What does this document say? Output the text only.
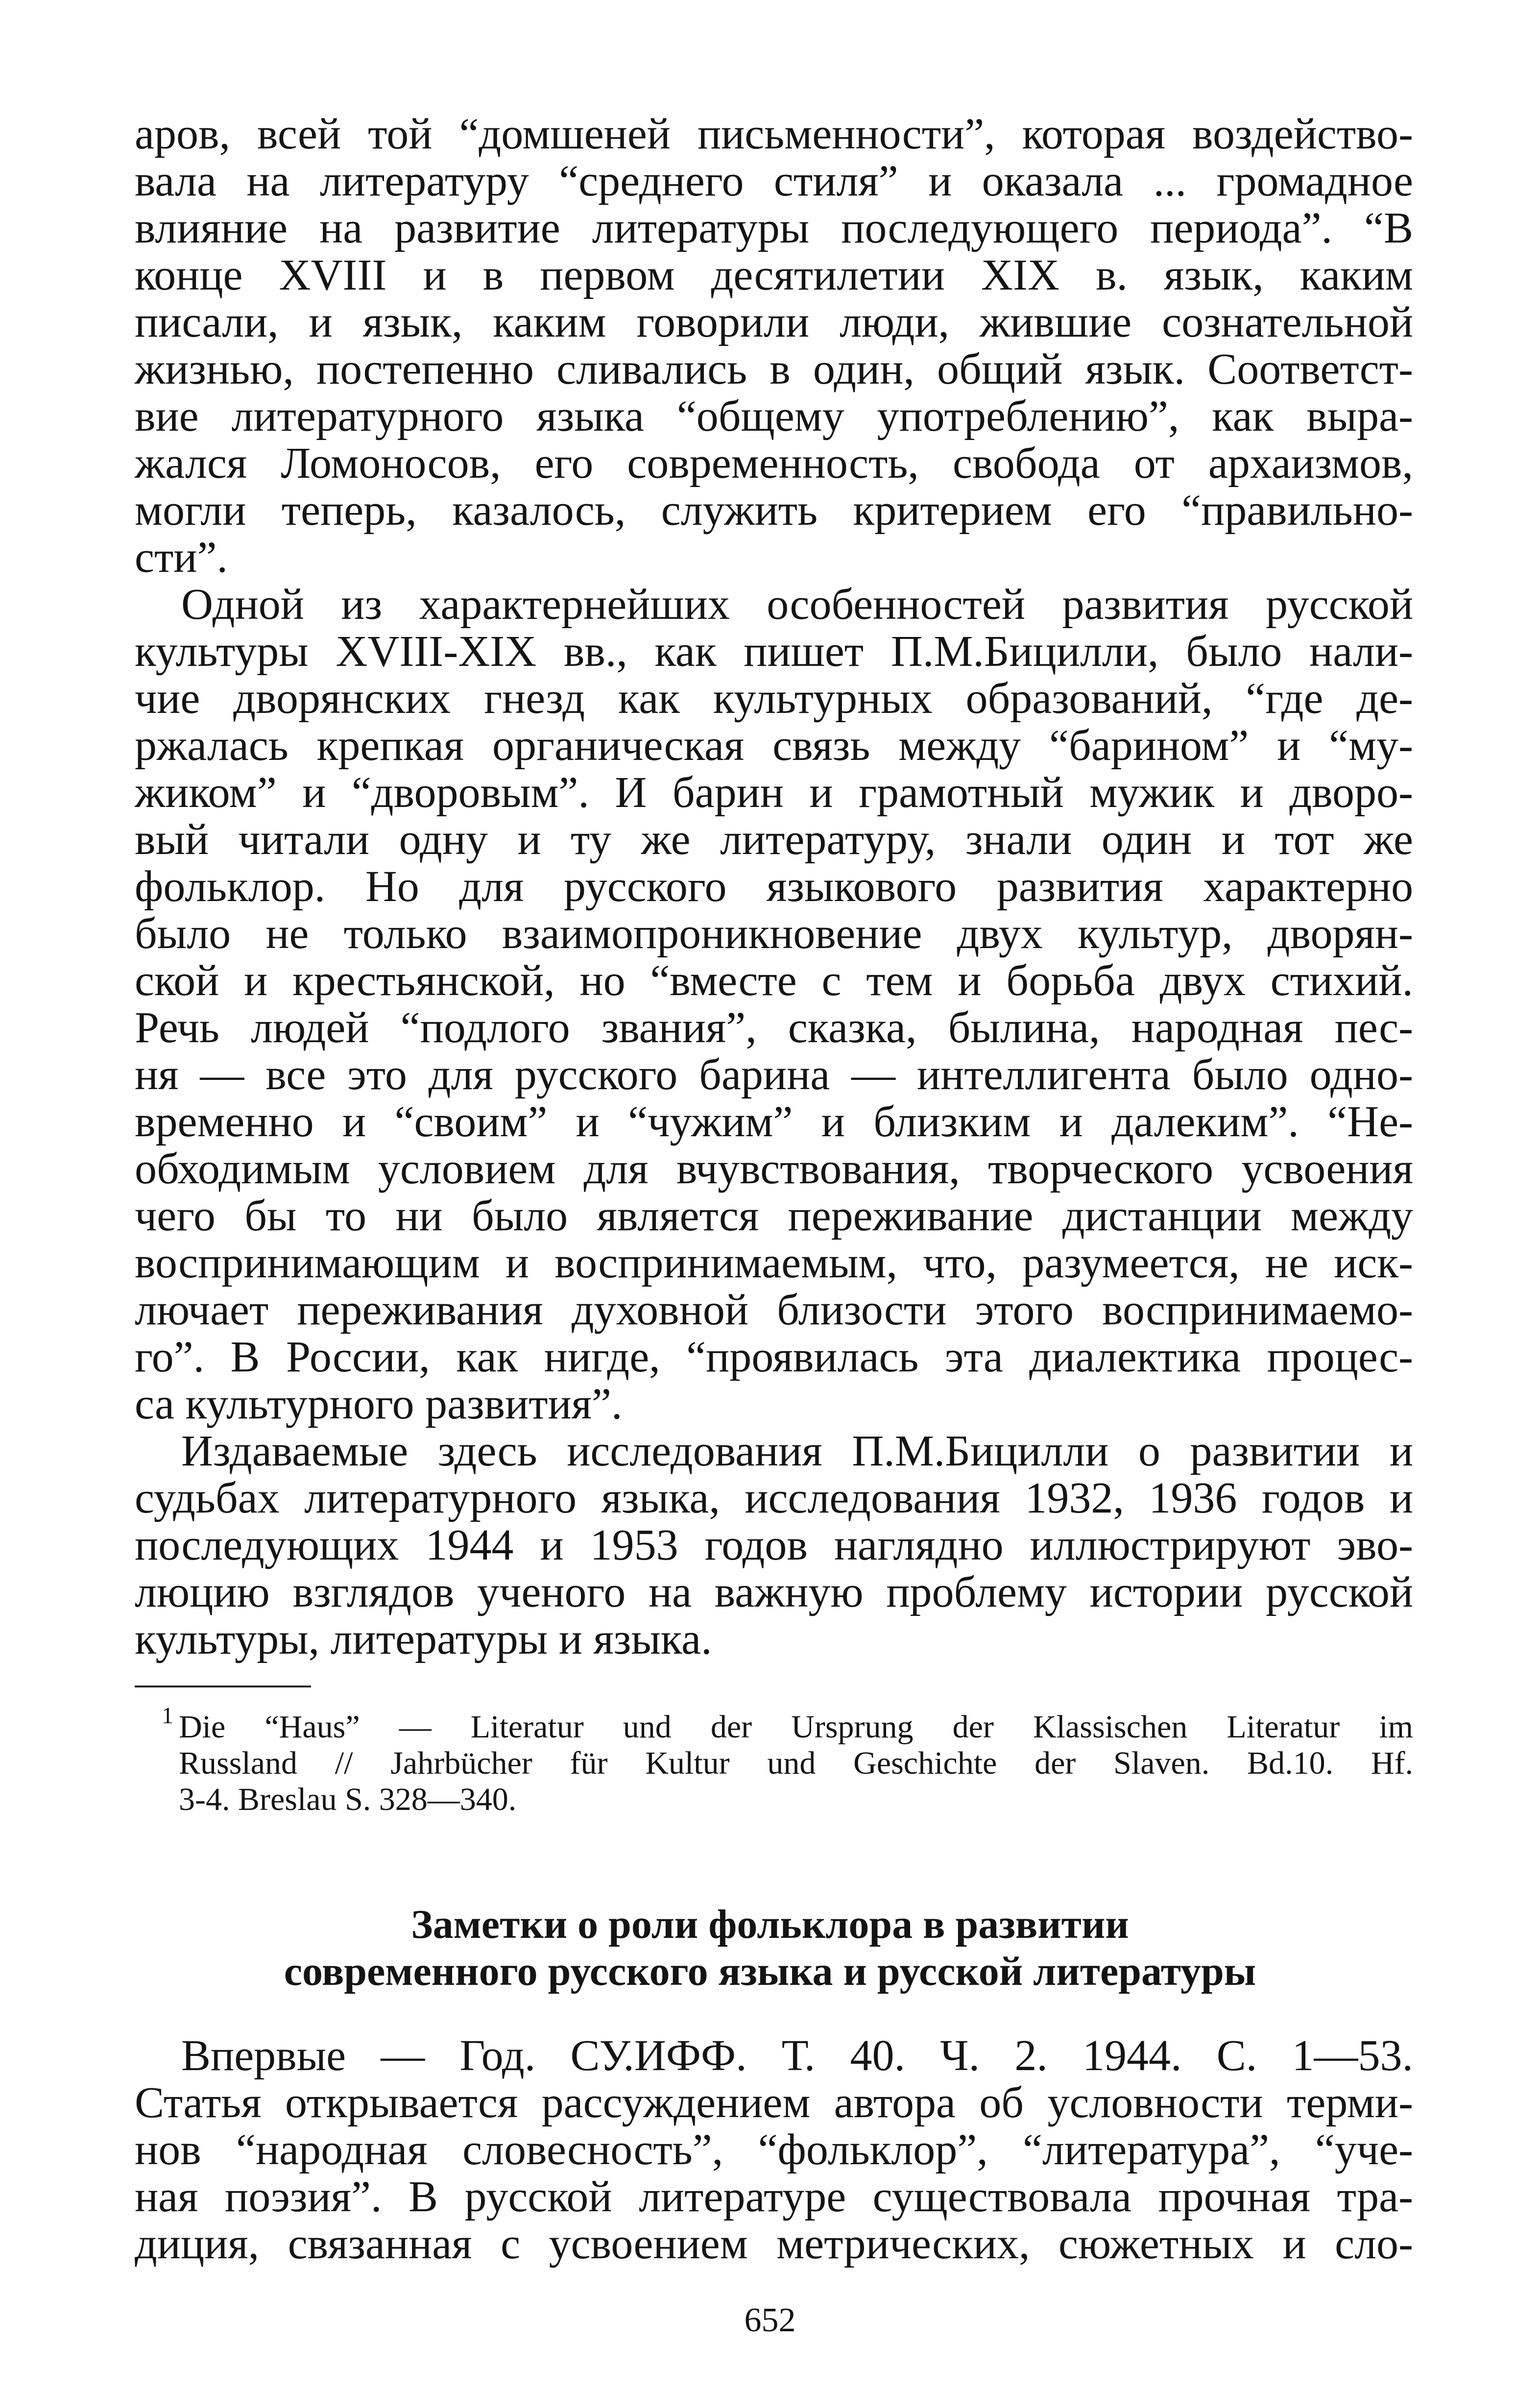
аров, всей той “домшеней письменности”, которая воздейство-

вала на литературу “среднего стиля” и оказала ... громадное

влияние на развитие литературы последующего периода”. “В

конце XVIII и в первом десятилетии XIX в. язык, каким

писали, и язык, каким говорили люди, жившие сознательной

жизнью, постепенно сливались в один, общий язык. Соответст-

вие литературного языка “общему употреблению”, как выра-

жался Ломоносов, его современность, свобода от архаизмов,

могли теперь, казалось, служить критерием его “правильно-

сти”.

Одной из характернейших особенностей развития русской

культуры XVIII-XIX вв., как пишет П.М.Бицилли, было нали-

чие дворянских гнезд как культурных образований, “где де-

ржалась крепкая органическая связь между “барином” и “му-

жиком” и “дворовым”. И барин и грамотный мужик и дворо-

вый читали одну и ту же литературу, знали один и тот же

фольклор. Но для русского языкового развития характерно

было не только взаимопроникновение двух культур, дворян-

ской и крестьянской, но “вместе с тем и борьба двух стихий.

Речь людей “подлого звания”, сказка, былина, народная пес-

ня — все это для русского барина — интеллигента было одно-

временно и “своим” и “чужим” и близким и далеким”. “Не-

обходимым условием для вчувствования, творческого усвоения

чего бы то ни было является переживание дистанции между

воспринимающим и воспринимаемым, что, разумеется, не иск-

лючает переживания духовной близости этого воспринимаемо-

го”. В России, как нигде, “проявилась эта диалектика процес-

са культурного развития”.

Издаваемые здесь исследования П.М.Бицилли о развитии и

судьбах литературного языка, исследования 1932, 1936 годов и

последующих 1944 и 1953 годов наглядно иллюстрируют эво-

люцию взглядов ученого на важную проблему истории русской

культуры, литературы и языка.

1 Die “Haus” — Literatur und der Ursprung der Klassischen Literatur im

Russland // Jahrbücher für Kultur und Geschichte der Slaven. Bd.10. Hf.

3-4. Breslau S. 328—340.

Заметки о роли фольклора в развитии

современного русского языка и русской литературы

Впервые — Год. СУ.ИФФ. Т. 40. Ч. 2. 1944. С. 1—53.

Статья открывается рассуждением автора об условности терми-

нов “народная словесность”, “фольклор”, “литература”, “уче-

ная поэзия”. В русской литературе существовала прочная тра-

диция, связанная с усвоением метрических, сюжетных и сло-

652
